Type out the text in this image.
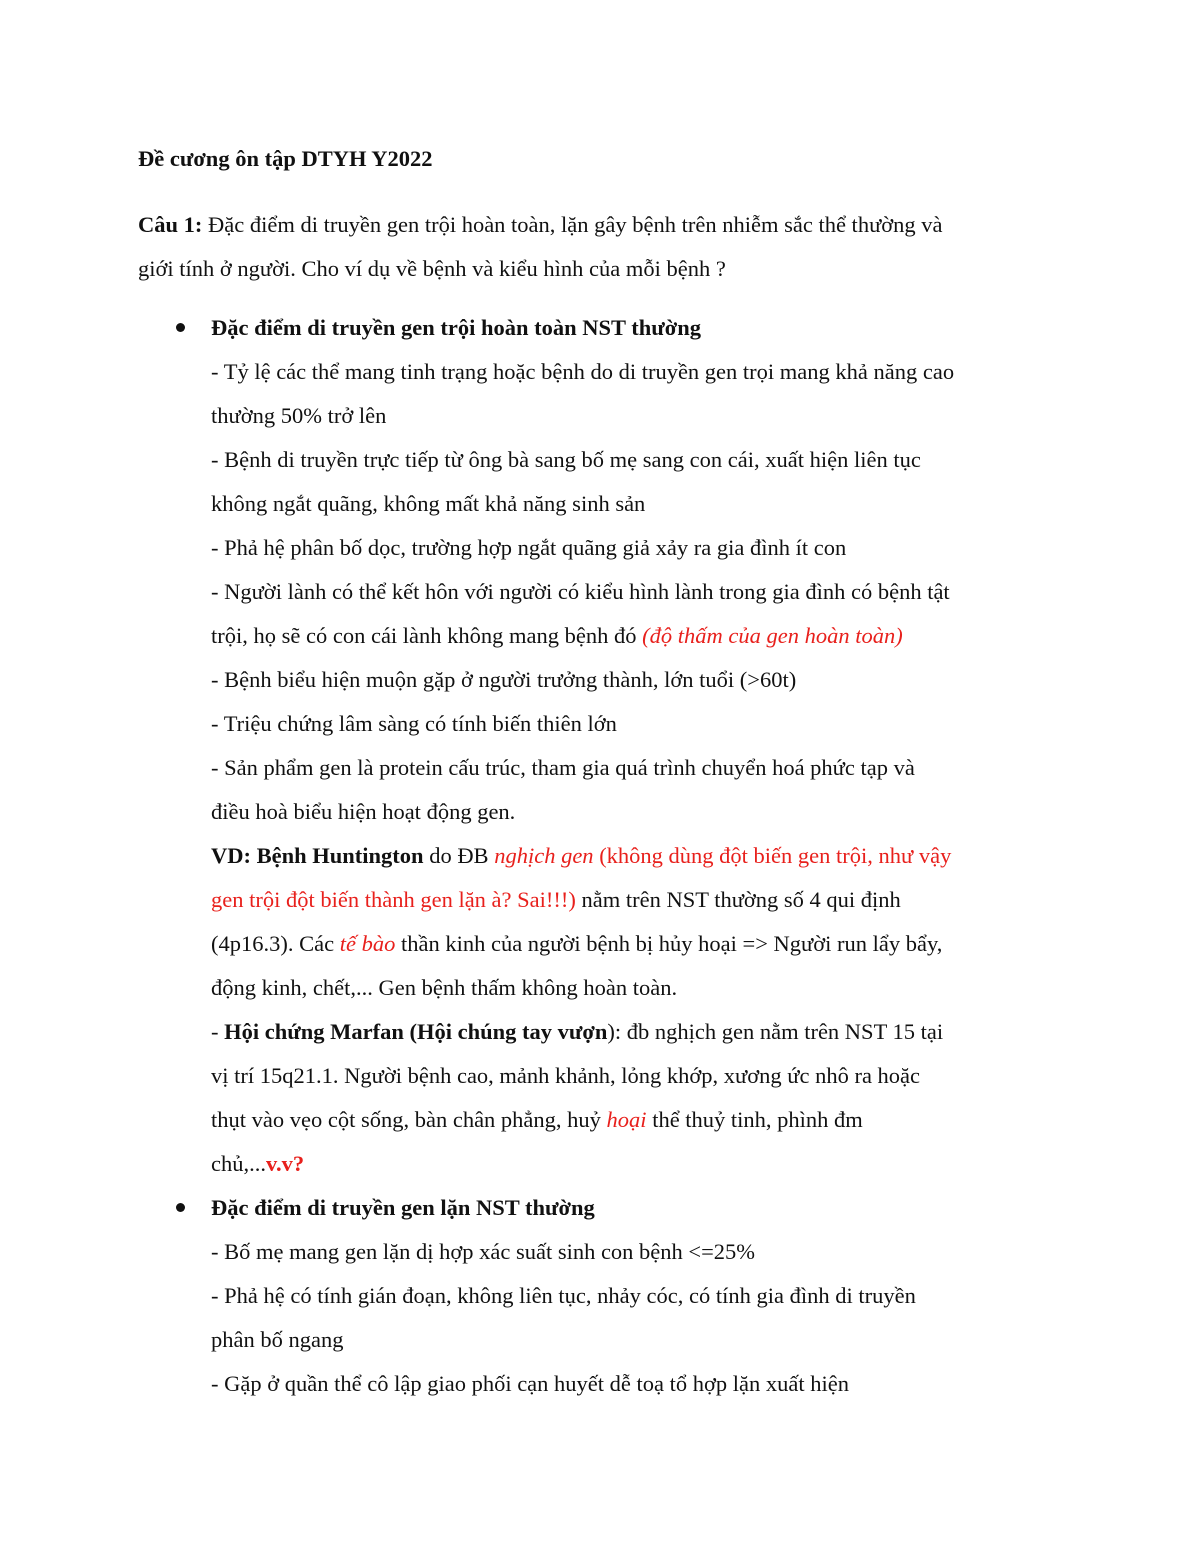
Đề cương ôn tập DTYH Y2022
Câu 1: Đặc điểm di truyền gen trội hoàn toàn, lặn gây bệnh trên nhiễm sắc thể thường và
giới tính ở người. Cho ví dụ về bệnh và kiểu hình của mỗi bệnh ?
Đặc điểm di truyền gen trội hoàn toàn NST thường
- Tỷ lệ các thể mang tinh trạng hoặc bệnh do di truyền gen trọi mang khả năng cao
thường 50% trở lên
- Bệnh di truyền trực tiếp từ ông bà sang bố mẹ sang con cái, xuất hiện liên tục
không ngắt quãng, không mất khả năng sinh sản
- Phả hệ phân bố dọc, trường hợp ngắt quãng giả xảy ra gia đình ít con
- Người lành có thể kết hôn với người có kiểu hình lành trong gia đình có bệnh tật
trội, họ sẽ có con cái lành không mang bệnh đó (độ thấm của gen hoàn toàn)
- Bệnh biểu hiện muộn gặp ở người trưởng thành, lớn tuổi (>60t)
- Triệu chứng lâm sàng có tính biến thiên lớn
- Sản phẩm gen là protein cấu trúc, tham gia quá trình chuyển hoá phức tạp và
điều hoà biểu hiện hoạt động gen.
VD: Bệnh Huntington do ĐB nghịch gen (không dùng đột biến gen trội, như vậy
gen trội đột biến thành gen lặn à? Sai!!!) nằm trên NST thường số 4 qui định
(4p16.3). Các tế bào thần kinh của người bệnh bị hủy hoại => Người run lẩy bẩy,
động kinh, chết,... Gen bệnh thấm không hoàn toàn.
- Hội chứng Marfan (Hội chúng tay vượn): đb nghịch gen nằm trên NST 15 tại
vị trí 15q21.1. Người bệnh cao, mảnh khảnh, lỏng khớp, xương ức nhô ra hoặc
thụt vào vẹo cột sống, bàn chân phẳng, huỷ hoại thể thuỷ tinh, phình đm
chủ,...v.v?
Đặc điểm di truyền gen lặn NST thường
- Bố mẹ mang gen lặn dị hợp xác suất sinh con bệnh <=25%
- Phả hệ có tính gián đoạn, không liên tục, nhảy cóc, có tính gia đình di truyền
phân bố ngang
- Gặp ở quần thể cô lập giao phối cạn huyết dễ toạ tổ hợp lặn xuất hiện
